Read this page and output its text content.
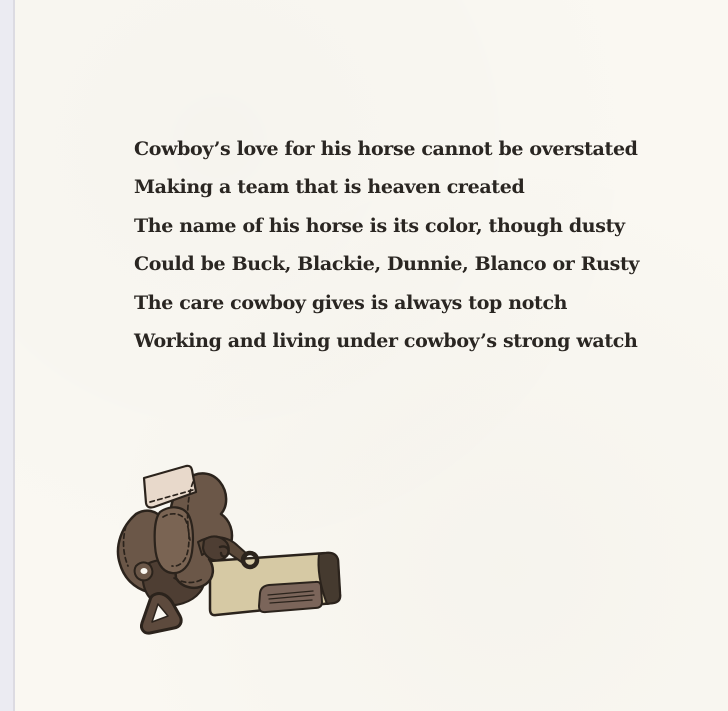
Cowboy’s love for his horse cannot be overstated

Making a team that is heaven created

The name of his horse is its color, though dusty

Could be Buck, Blackie, Dunnie, Blanco or Rusty

The care cowboy gives is always top notch

Working and living under cowboy’s strong watch
